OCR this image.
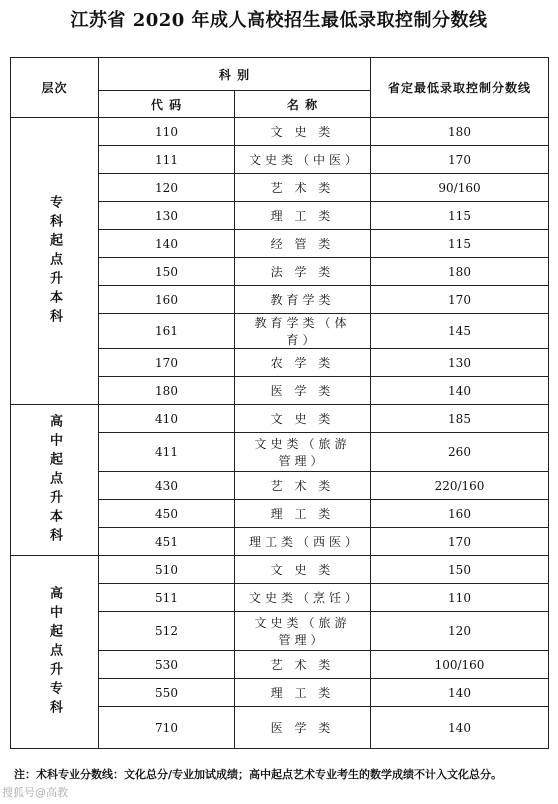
江苏省 2020 年成人高校招生最低录取控制分数线
层次	科 别		省定最低录取控制分数线
	代 码	名 称	

专科起点升本科	110	文 史 类	180
	111	文史类（中医）	170
	120	艺 术 类	90/160
	130	理 工 类	115
	140	经 管 类	115
	150	法 学 类	180
	160	教育学类	170
	161	教育学类（体育）	145
	170	农 学 类	130
	180	医 学 类	140

高中起点升本科	410	文 史 类	185
	411	文史类（旅游管理）	260
	430	艺 术 类	220/160
	450	理 工 类	160
	451	理工类（西医）	170

高中起点升专科	510	文 史 类	150
	511	文史类（烹饪）	110
	512	文史类（旅游管理）	120
	530	艺 术 类	100/160
	550	理 工 类	140
	710	医 学 类	140
注：术科专业分数线：文化总分/专业加试成绩；高中起点艺术专业考生的数学成绩不计入文化总分。
搜狐号@高教
